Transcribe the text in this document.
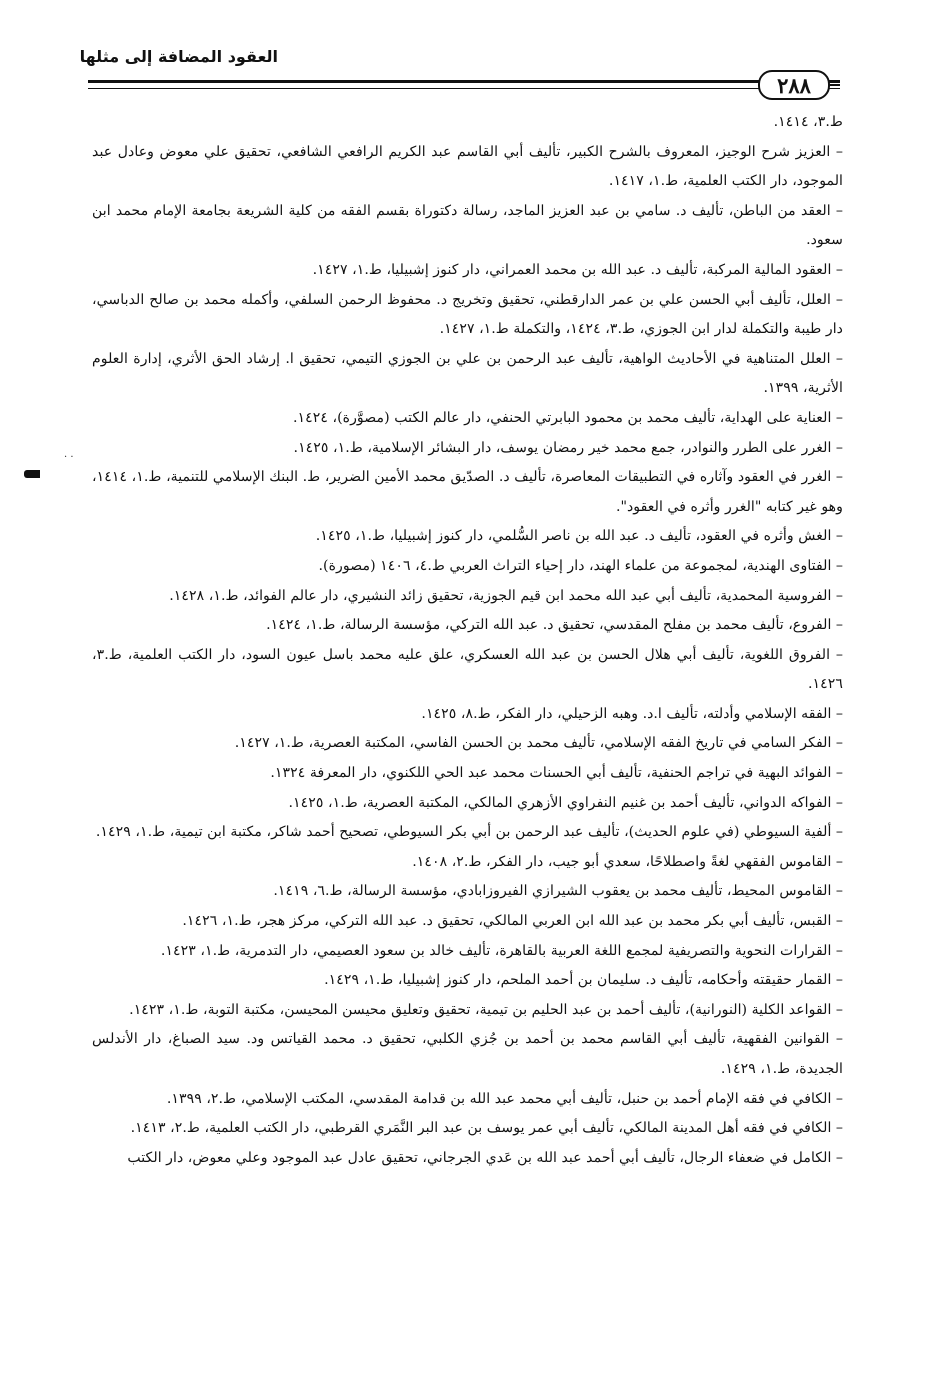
العقود المضافة إلى مثلها
٢٨٨
· ·

ط.٣، ١٤١٤.

– العزيز شرح الوجيز، المعروف بالشرح الكبير، تأليف أبي القاسم عبد الكريم الرافعي الشافعي، تحقيق علي معوض وعادل عبد الموجود، دار الكتب العلمية، ط.١، ١٤١٧.

– العقد من الباطن، تأليف د. سامي بن عبد العزيز الماجد، رسالة دكتوراة بقسم الفقه من كلية الشريعة بجامعة الإمام محمد ابن سعود.

– العقود المالية المركبة، تأليف د. عبد الله بن محمد العمراني، دار كنوز إشبيليا، ط.١، ١٤٢٧.

– العلل، تأليف أبي الحسن علي بن عمر الدارقطني، تحقيق وتخريج د. محفوظ الرحمن السلفي، وأكمله محمد بن صالح الدباسي، دار طيبة والتكملة لدار ابن الجوزي، ط.٣، ١٤٢٤، والتكملة ط.١، ١٤٢٧.

– العلل المتناهية في الأحاديث الواهية، تأليف عبد الرحمن بن علي بن الجوزي التيمي، تحقيق ا. إرشاد الحق الأثري، إدارة العلوم الأثرية، ١٣٩٩.

– العناية على الهداية، تأليف محمد بن محمود البابرتي الحنفي، دار عالم الكتب (مصوَّرة)، ١٤٢٤.

– الغرر على الطرر والنوادر، جمع محمد خير رمضان يوسف، دار البشائر الإسلامية، ط.١، ١٤٢٥.

– الغرر في العقود وآثاره في التطبيقات المعاصرة، تأليف د. الصدّيق محمد الأمين الضرير، ط. البنك الإسلامي للتنمية، ط.١، ١٤١٤، وهو غير كتابه "الغرر وأثره في العقود".

– الغش وأثره في العقود، تأليف د. عبد الله بن ناصر السُّلمي، دار كنوز إشبيليا، ط.١، ١٤٢٥.

– الفتاوى الهندية، لمجموعة من علماء الهند، دار إحياء التراث العربي ط.٤، ١٤٠٦ (مصورة).

– الفروسية المحمدية، تأليف أبي عبد الله محمد ابن قيم الجوزية، تحقيق زائد النشيري، دار عالم الفوائد، ط.١، ١٤٢٨.

– الفروع، تأليف محمد بن مفلح المقدسي، تحقيق د. عبد الله التركي، مؤسسة الرسالة، ط.١، ١٤٢٤.

– الفروق اللغوية، تأليف أبي هلال الحسن بن عبد الله العسكري، علق عليه محمد باسل عيون السود، دار الكتب العلمية، ط.٣، ١٤٢٦.

– الفقه الإسلامي وأدلته، تأليف ا.د. وهبه الزحيلي، دار الفكر، ط.٨، ١٤٢٥.

– الفكر السامي في تاريخ الفقه الإسلامي، تأليف محمد بن الحسن الفاسي، المكتبة العصرية، ط.١، ١٤٢٧.

– الفوائد البهية في تراجم الحنفية، تأليف أبي الحسنات محمد عبد الحي اللكنوي، دار المعرفة ١٣٢٤.

– الفواكه الدواني، تأليف أحمد بن غنيم النفراوي الأزهري المالكي، المكتبة العصرية، ط.١، ١٤٢٥.

– ألفية السيوطي (في علوم الحديث)، تأليف عبد الرحمن بن أبي بكر السيوطي، تصحيح أحمد شاكر، مكتبة ابن تيمية، ط.١، ١٤٢٩.

– القاموس الفقهي لغةً واصطلاحًا، سعدي أبو جيب، دار الفكر، ط.٢، ١٤٠٨.

– القاموس المحيط، تأليف محمد بن يعقوب الشيرازي الفيروزابادي، مؤسسة الرسالة، ط.٦، ١٤١٩.

– القبس، تأليف أبي بكر محمد بن عبد الله ابن العربي المالكي، تحقيق د. عبد الله التركي، مركز هجر، ط.١، ١٤٢٦.

– القرارات النحوية والتصريفية لمجمع اللغة العربية بالقاهرة، تأليف خالد بن سعود العصيمي، دار التدمرية، ط.١، ١٤٢٣.

– القمار حقيقته وأحكامه، تأليف د. سليمان بن أحمد الملحم، دار كنوز إشبيليا، ط.١، ١٤٢٩.

– القواعد الكلية (النورانية)، تأليف أحمد بن عبد الحليم بن تيمية، تحقيق وتعليق محيسن المحيسن، مكتبة التوبة، ط.١، ١٤٢٣.

– القوانين الفقهية، تأليف أبي القاسم محمد بن أحمد بن جُزي الكلبي، تحقيق د. محمد القياتس ود. سيد الصباغ، دار الأندلس الجديدة، ط.١، ١٤٢٩.

– الكافي في فقه الإمام أحمد بن حنبل، تأليف أبي محمد عبد الله بن قدامة المقدسي، المكتب الإسلامي، ط.٢، ١٣٩٩.

– الكافي في فقه أهل المدينة المالكي، تأليف أبي عمر يوسف بن عبد البر النَّمَري القرطبي، دار الكتب العلمية، ط.٢، ١٤١٣.

– الكامل في ضعفاء الرجال، تأليف أبي أحمد عبد الله بن عَدي الجرجاني، تحقيق عادل عبد الموجود وعلي معوض، دار الكتب
